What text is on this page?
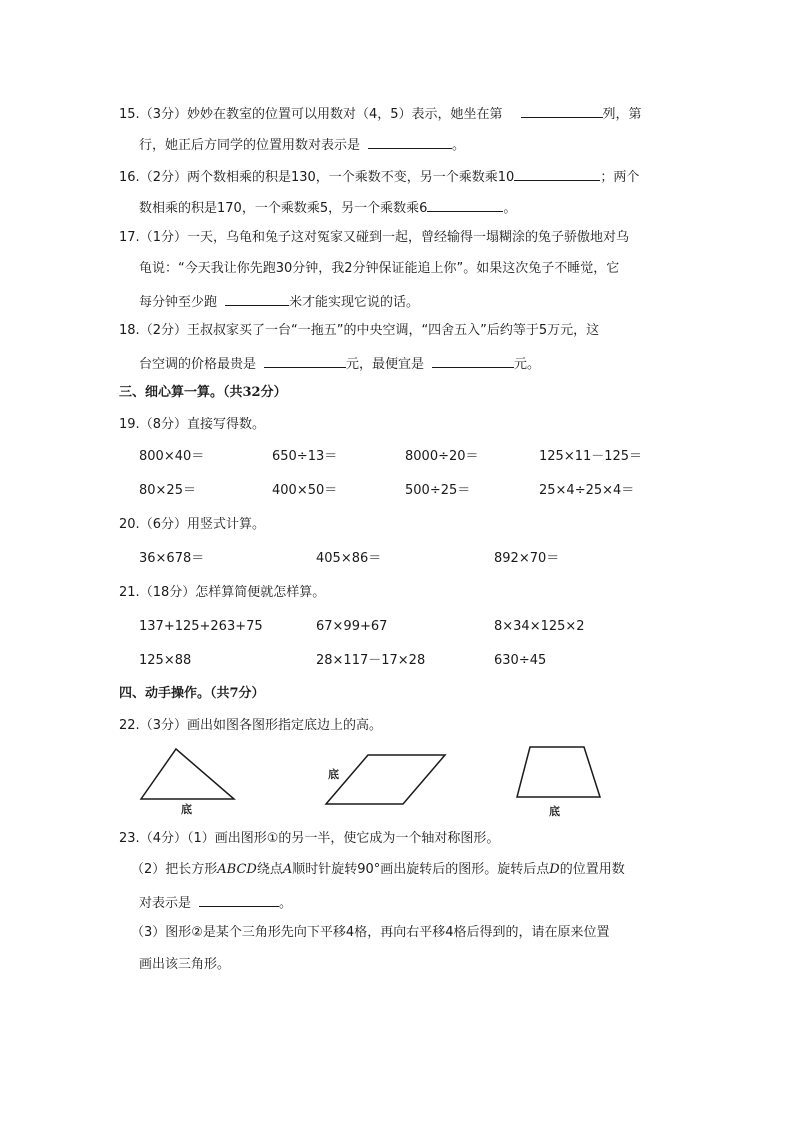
15.（3分）妙妙在教室的位置可以用数对（4，5）表示，她坐在第	列，第
行，她正后方同学的位置用数对表示是	。
16.（2分）两个数相乘的积是130，一个乘数不变，另一个乘数乘10	；两个
数相乘的积是170，一个乘数乘5，另一个乘数乘6	。
17.（1分）一天，乌龟和兔子这对冤家又碰到一起，曾经输得一塌糊涂的兔子骄傲地对乌
龟说：“今天我让你先跑30分钟，我2分钟保证能追上你”。如果这次兔子不睡觉，它
每分钟至少跑	米才能实现它说的话。
18.（2分）王叔叔家买了一台“一拖五”的中央空调，“四舍五入”后约等于5万元，这
台空调的价格最贵是	元，最便宜是	元。
三、细心算一算。（共32分）
19.（8分）直接写得数。
800×40＝	650÷13＝	8000÷20＝	125×11－125＝
80×25＝	400×50＝	500÷25＝	25×4÷25×4＝
20.（6分）用竖式计算。
36×678＝	405×86＝	892×70＝
21.（18分）怎样算简便就怎样算。
137+125+263+75	67×99+67	8×34×125×2
125×88	28×117－17×28	630÷45
四、动手操作。（共7分）
22.（3分）画出如图各图形指定底边上的高。
底
底
底
23.（4分）（1）画出图形①的另一半，使它成为一个轴对称图形。
（2）把长方形ABCD绕点A顺时针旋转90°画出旋转后的图形。旋转后点D的位置用数
对表示是	。
（3）图形②是某个三角形先向下平移4格，再向右平移4格后得到的，请在原来位置
画出该三角形。
